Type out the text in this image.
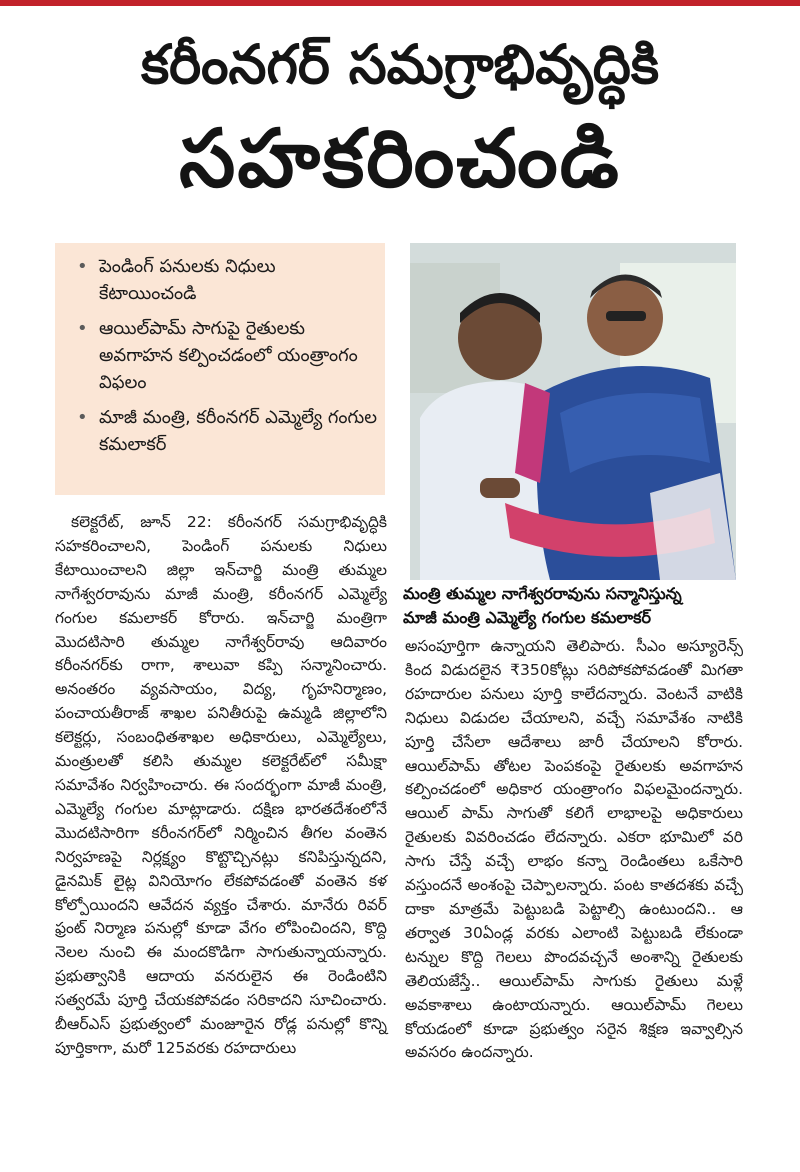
కరీంనగర్ సమగ్రాభివృద్ధికి
సహకరించండి
• పెండింగ్ పనులకు నిధులు కేటాయించండి
• ఆయిల్‌పామ్ సాగుపై రైతులకు అవగాహన కల్పించడంలో యంత్రాంగం విఫలం
• మాజీ మంత్రి, కరీంనగర్ ఎమ్మెల్యే గంగుల కమలాకర్
మంత్రి తుమ్మల నాగేశ్వరరావును సన్మానిస్తున్న
మాజీ మంత్రి ఎమ్మెల్యే గంగుల కమలాకర్
కలెక్టరేట్, జూన్ 22: కరీంనగర్ సమగ్రాభివృద్ధికి సహకరించాలని, పెండింగ్ పనులకు నిధులు కేటాయించాలని జిల్లా ఇన్‌చార్జి మంత్రి తుమ్మల నాగేశ్వరరావును మాజీ మంత్రి, కరీంనగర్ ఎమ్మెల్యే గంగుల కమలాకర్ కోరారు. ఇన్‌చార్జి మంత్రిగా మొదటిసారి తుమ్మల నాగేశ్వర్‌రావు ఆదివారం కరీంనగర్‌కు రాగా, శాలువా కప్పి సన్మానించారు. అనంతరం వ్యవసాయం, విద్య, గృహనిర్మాణం, పంచాయతీరాజ్ శాఖల పనితీరుపై ఉమ్మడి జిల్లాలోని కలెక్టర్లు, సంబంధితశాఖల అధికారులు, ఎమ్మెల్యేలు, మంత్రులతో కలిసి తుమ్మల కలెక్టరేట్‌లో సమీక్షా సమావేశం నిర్వహించారు. ఈ సందర్భంగా మాజీ మంత్రి, ఎమ్మెల్యే గంగుల మాట్లాడారు. దక్షిణ భారతదేశంలోనే మొదటిసారిగా కరీంనగర్‌లో నిర్మించిన తీగల వంతెన నిర్వహణపై నిర్లక్ష్యం కొట్టొచ్చినట్లు కనిపిస్తున్నదని, డైనమిక్ లైట్ల వినియోగం లేకపోవడంతో వంతెన కళ కోల్పోయిందని ఆవేదన వ్యక్తం చేశారు. మానేరు రివర్ ఫ్రంట్ నిర్మాణ పనుల్లో కూడా వేగం లోపించిందని, కొద్ది నెలల నుంచి ఈ మందకొడిగా సాగుతున్నాయన్నారు. ప్రభుత్వానికి ఆదాయ వనరులైన ఈ రెండింటిని సత్వరమే పూర్తి చేయకపోవడం సరికాదని సూచించారు. బీఆర్ఎస్ ప్రభుత్వంలో మంజూరైన రోడ్ల పనుల్లో కొన్ని పూర్తికాగా, మరో 125వరకు రహదారులు
అసంపూర్తిగా ఉన్నాయని తెలిపారు. సీఎం అస్యూరెన్స్ కింద విడుదలైన ₹350కోట్లు సరిపోకపోవడంతో మిగతా రహదారుల పనులు పూర్తి కాలేదన్నారు. వెంటనే వాటికి నిధులు విడుదల చేయాలని, వచ్చే సమావేశం నాటికి పూర్తి చేసేలా ఆదేశాలు జారీ చేయాలని కోరారు. ఆయిల్‌పామ్ తోటల పెంపకంపై రైతులకు అవగాహన కల్పించడంలో అధికార యంత్రాంగం విఫలమైందన్నారు. ఆయిల్ పామ్ సాగుతో కలిగే లాభాలపై అధికారులు రైతులకు వివరించడం లేదన్నారు. ఎకరా భూమిలో వరి సాగు చేస్తే వచ్చే లాభం కన్నా రెండింతలు ఒకేసారి వస్తుందనే అంశంపై చెప్పాలన్నారు. పంట కాతదశకు వచ్చే దాకా మాత్రమే పెట్టుబడి పెట్టాల్సి ఉంటుందని.. ఆ తర్వాత 30ఏండ్ల వరకు ఎలాంటి పెట్టుబడి లేకుండా టన్నుల కొద్ది గెలలు పొందవచ్చనే అంశాన్ని రైతులకు తెలియజేస్తే.. ఆయిల్‌పామ్ సాగుకు రైతులు మళ్లే అవకాశాలు ఉంటాయన్నారు. ఆయిల్‌పామ్ గెలలు కోయడంలో కూడా ప్రభుత్వం సరైన శిక్షణ ఇవ్వాల్సిన అవసరం ఉందన్నారు.
